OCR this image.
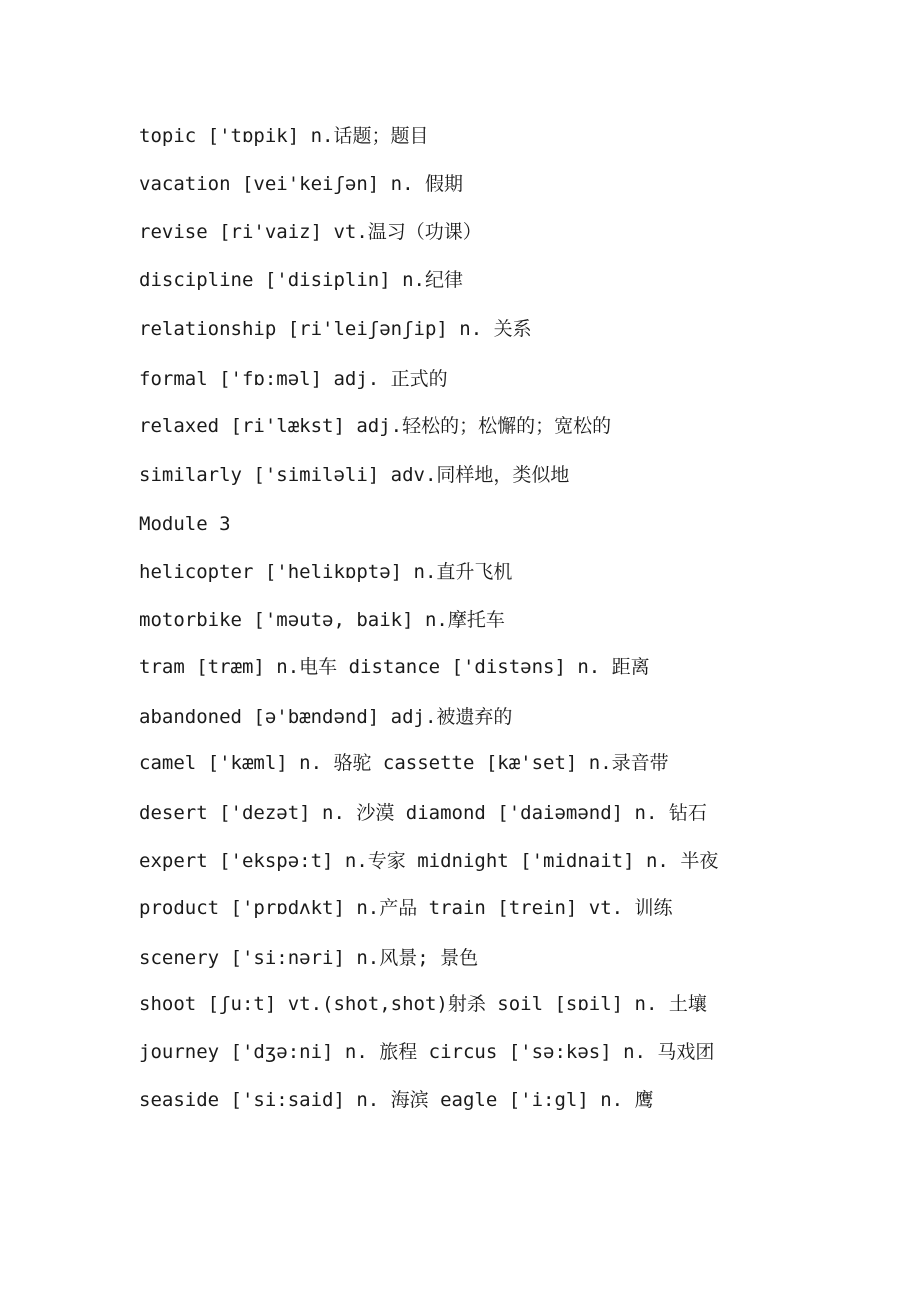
topic ['tɒpik] n.话题；题目
vacation [vei'keiʃən] n. 假期
revise [ri'vaiz] vt.温习（功课）
discipline ['disiplin] n.纪律
relationship [ri'leiʃənʃip] n. 关系
formal ['fɒ:məl] adj. 正式的
relaxed [ri'lækst] adj.轻松的；松懈的；宽松的
similarly ['similəli] adv.同样地，类似地
Module 3
helicopter ['helikɒptə] n.直升飞机
motorbike ['məutə, baik] n.摩托车
tram [træm] n.电车 distance ['distəns] n. 距离
abandoned [ə'bændənd] adj.被遗弃的
camel ['kæml] n. 骆驼 cassette [kæ'set] n.录音带
desert ['dezət] n. 沙漠 diamond ['daiəmənd] n. 钻石
expert ['ekspə:t] n.专家 midnight ['midnait] n. 半夜
product ['prɒdʌkt] n.产品 train [trein] vt. 训练
scenery ['si:nəri] n.风景; 景色
shoot [ʃu:t] vt.(shot,shot)射杀 soil [sɒil] n. 土壤
journey ['dʒə:ni] n. 旅程 circus ['sə:kəs] n. 马戏团
seaside ['si:said] n. 海滨 eagle ['i:gl] n. 鹰
